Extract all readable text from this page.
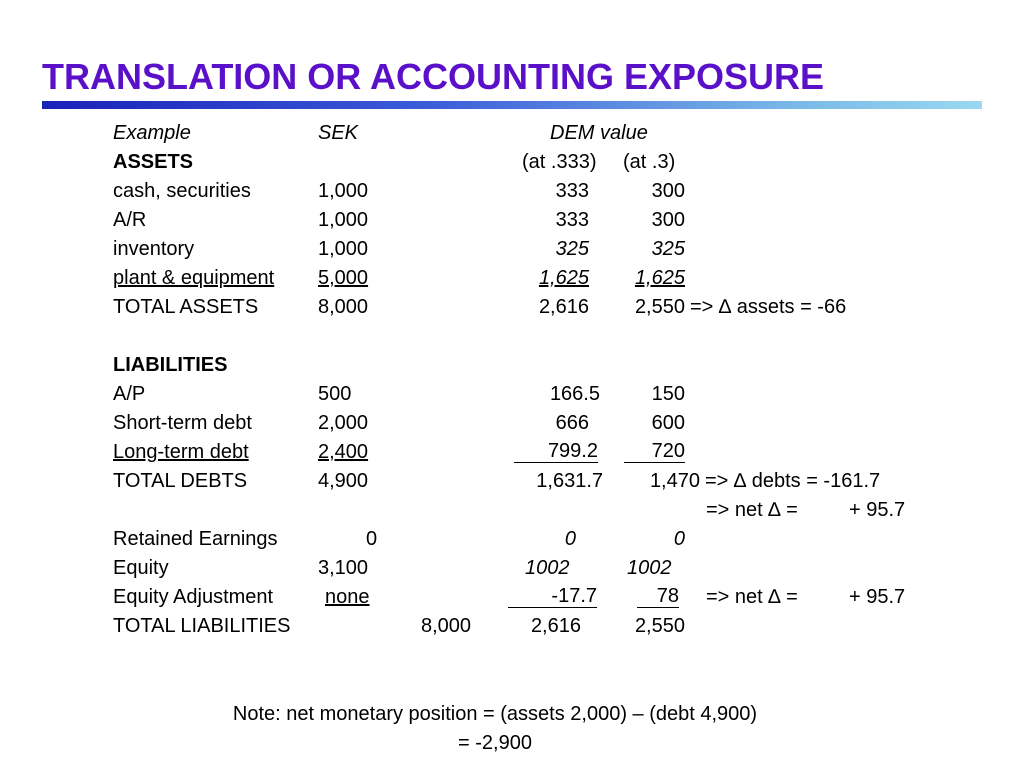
TRANSLATION OR ACCOUNTING EXPOSURE
Example	SEK	DEM value
ASSETS	(at .333) (at .3)
cash, securities	1,000	333	300
A/R	1,000	333	300
inventory	1,000	325	325
plant & equipment 5,000	1,625	1,625
TOTAL ASSETS	8,000	2,616	2,550 => ∆ assets = -66
LIABILITIES
A/P	500	166.5	150
Short-term debt	2,000	666	600
Long-term debt	2,400	799.2	720
TOTAL DEBTS	4,900	1,631.7	1,470 => ∆ debts = -161.7
=> net ∆ =	+ 95.7
Retained Earnings	0	0	0
Equity	3,100	1002	1002
Equity Adjustment	none	-17.7	78 => net ∆ =	+ 95.7
TOTAL LIABILITIES	8,000	2,616	2,550
Note: net monetary position = (assets 2,000) – (debt 4,900)
= -2,900
